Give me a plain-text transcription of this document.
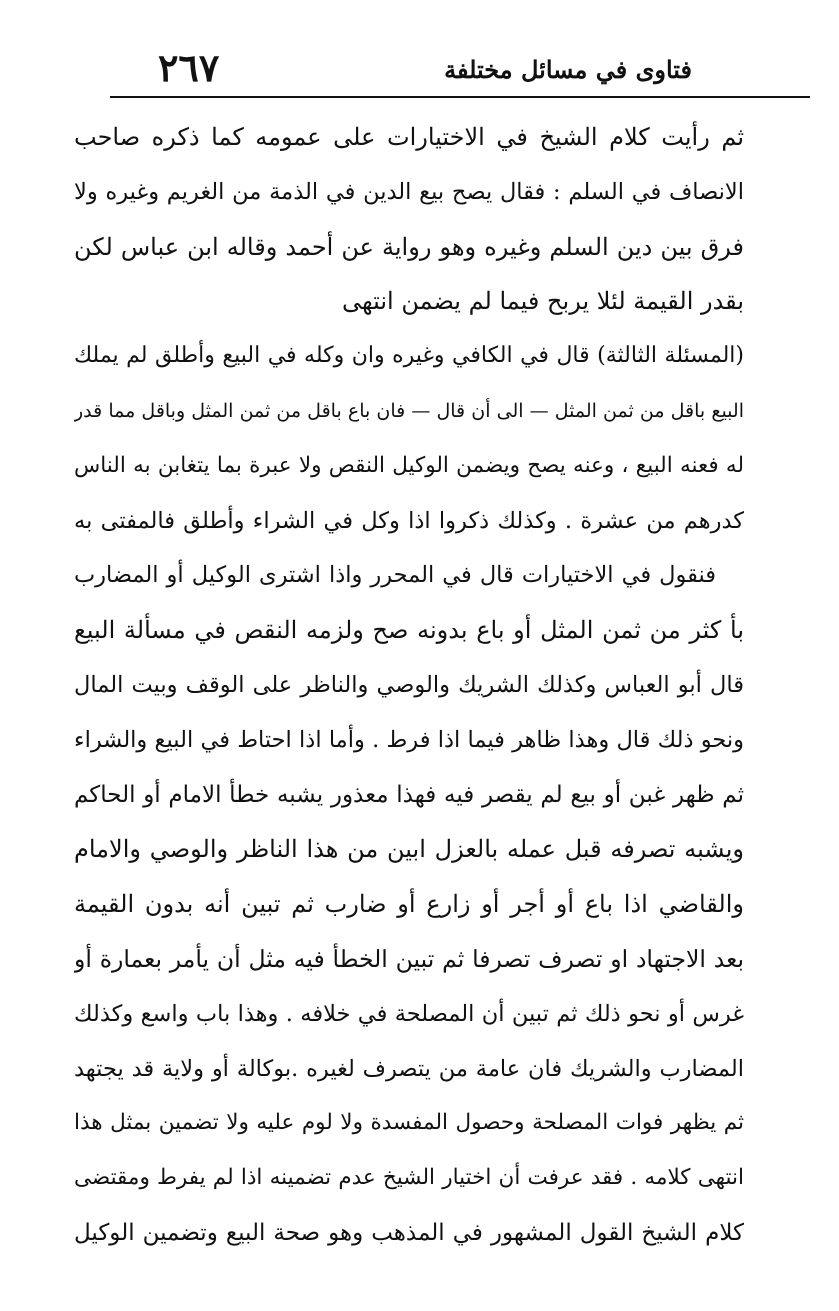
٢٦٧	فتاوى في مسائل مختلفة
ثم رأيت كلام الشيخ في الاختيارات على عمومه كما ذكره صاحب
الانصاف في السلم : فقال يصح بيع الدين في الذمة من الغريم وغيره ولا
فرق بين دين السلم وغيره وهو رواية عن أحمد وقاله ابن عباس لكن
بقدر القيمة لئلا يربح فيما لم يضمن انتهى
(المسئلة الثالثة) قال في الكافي وغيره وان وكله في البيع وأطلق لم يملك
البيع باقل من ثمن المثل — الى أن قال — فان باع باقل من ثمن المثل وباقل مما قدر
له فعنه البيع ، وعنه يصح ويضمن الوكيل النقص ولا عبرة بما يتغابن به الناس
كدرهم من عشرة . وكذلك ذكروا اذا وكل في الشراء وأطلق فالمفتى به
فنقول في الاختيارات قال في المحرر واذا اشترى الوكيل أو المضارب
بأ كثر من ثمن المثل أو باع بدونه صح ولزمه النقص في مسألة البيع
قال أبو العباس وكذلك الشريك والوصي والناظر على الوقف وبيت المال
ونحو ذلك قال وهذا ظاهر فيما اذا فرط . وأما اذا احتاط في البيع والشراء
ثم ظهر غبن أو بيع لم يقصر فيه فهذا معذور يشبه خطأ الامام أو الحاكم
ويشبه تصرفه قبل عمله بالعزل ابين من هذا الناظر والوصي والامام
والقاضي اذا باع أو أجر أو زارع أو ضارب ثم تبين أنه بدون القيمة
بعد الاجتهاد او تصرف تصرفا ثم تبين الخطأ فيه مثل أن يأمر بعمارة أو
غرس أو نحو ذلك ثم تبين أن المصلحة في خلافه . وهذا باب واسع وكذلك
المضارب والشريك فان عامة من يتصرف لغيره .بوكالة أو ولاية قد يجتهد
ثم يظهر فوات المصلحة وحصول المفسدة ولا لوم عليه ولا تضمين بمثل هذا
انتهى كلامه . فقد عرفت أن اختيار الشيخ عدم تضمينه اذا لم يفرط ومقتضى
كلام الشيخ القول المشهور في المذهب وهو صحة البيع وتضمين الوكيل
